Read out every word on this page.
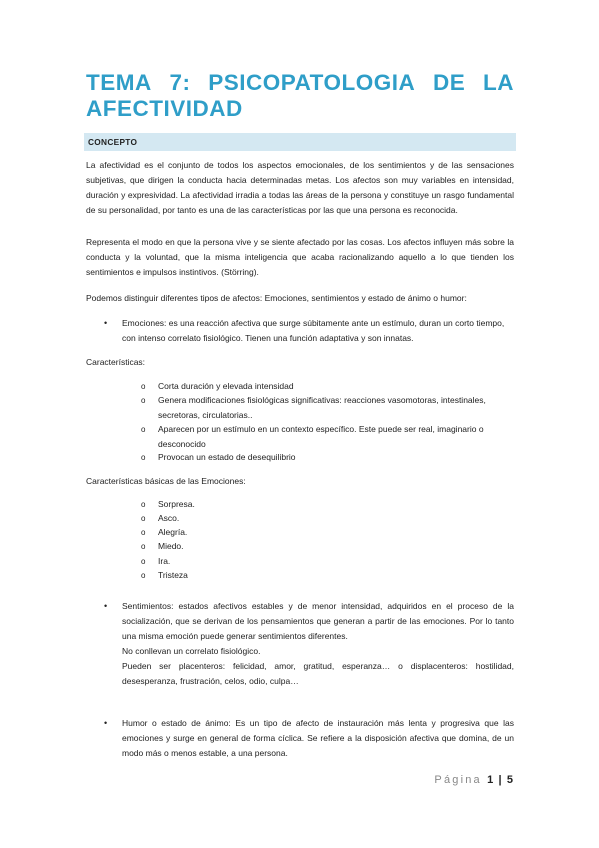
TEMA 7: PSICOPATOLOGIA DE LA
AFECTIVIDAD
CONCEPTO

La afectividad es el conjunto de todos los aspectos emocionales, de los sentimientos y de las sensaciones subjetivas, que dirigen la conducta hacia determinadas metas. Los afectos son muy variables en intensidad, duración y expresividad. La afectividad irradia a todas las áreas de la persona y constituye un rasgo fundamental de su personalidad, por tanto es una de las características por las que una persona es reconocida.

Representa el modo en que la persona vive y se siente afectado por las cosas. Los afectos influyen más sobre la conducta y la voluntad, que la misma inteligencia que acaba racionalizando aquello a lo que tienden los sentimientos e impulsos instintivos. (Störring).

Podemos distinguir diferentes tipos de afectos: Emociones, sentimientos y estado de ánimo o humor:

• Emociones: es una reacción afectiva que surge súbitamente ante un estímulo, duran un corto tiempo, con intenso correlato fisiológico. Tienen una función adaptativa y son innatas.

Características:

o Corta duración y elevada intensidad

o Genera modificaciones fisiológicas significativas: reacciones vasomotoras, intestinales, secretoras, circulatorias..

o Aparecen por un estímulo en un contexto específico. Este puede ser real, imaginario o desconocido

o Provocan un estado de desequilibrio

Características básicas de las Emociones:

o Sorpresa.

o Asco.

o Alegría.

o Miedo.

o Ira.

o Tristeza

• Sentimientos: estados afectivos estables y de menor intensidad, adquiridos en el proceso de la socialización, que se derivan de los pensamientos que generan a partir de las emociones. Por lo tanto una misma emoción puede generar sentimientos diferentes.

No conllevan un correlato fisiológico.

Pueden ser placenteros: felicidad, amor, gratitud, esperanza… o displacenteros: hostilidad, desesperanza, frustración, celos, odio, culpa…

• Humor o estado de ánimo: Es un tipo de afecto de instauración más lenta y progresiva que las emociones y surge en general de forma cíclica. Se refiere a la disposición afectiva que domina, de un modo más o menos estable, a una persona.

Página 1 | 5
